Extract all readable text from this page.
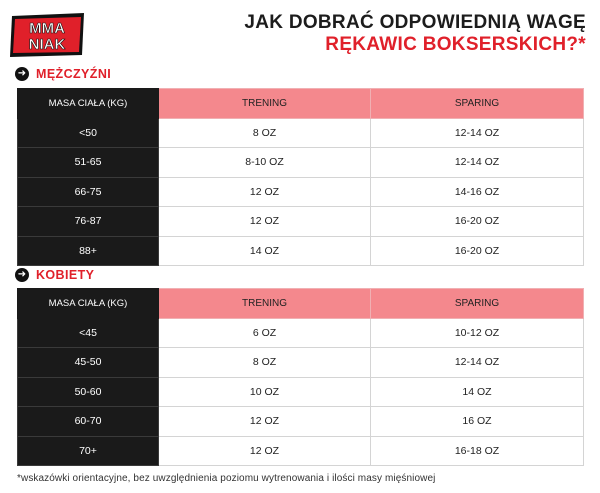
MMA
NIAK
JAK DOBRAĆ ODPOWIEDNIĄ WAGĘ
RĘKAWIC BOKSERSKICH?*
➜ MĘŻCZYŹNI
MASA CIAŁA (KG)	TRENING	SPARING
<50	8 OZ	12-14 OZ
51-65	8-10 OZ	12-14 OZ
66-75	12 OZ	14-16 OZ
76-87	12 OZ	16-20 OZ
88+	14 OZ	16-20 OZ
➜ KOBIETY
MASA CIAŁA (KG)	TRENING	SPARING
<45	6 OZ	10-12 OZ
45-50	8 OZ	12-14 OZ
50-60	10 OZ	14 OZ
60-70	12 OZ	16 OZ
70+	12 OZ	16-18 OZ
*wskazówki orientacyjne, bez uwzględnienia poziomu wytrenowania i ilości masy mięśniowej
